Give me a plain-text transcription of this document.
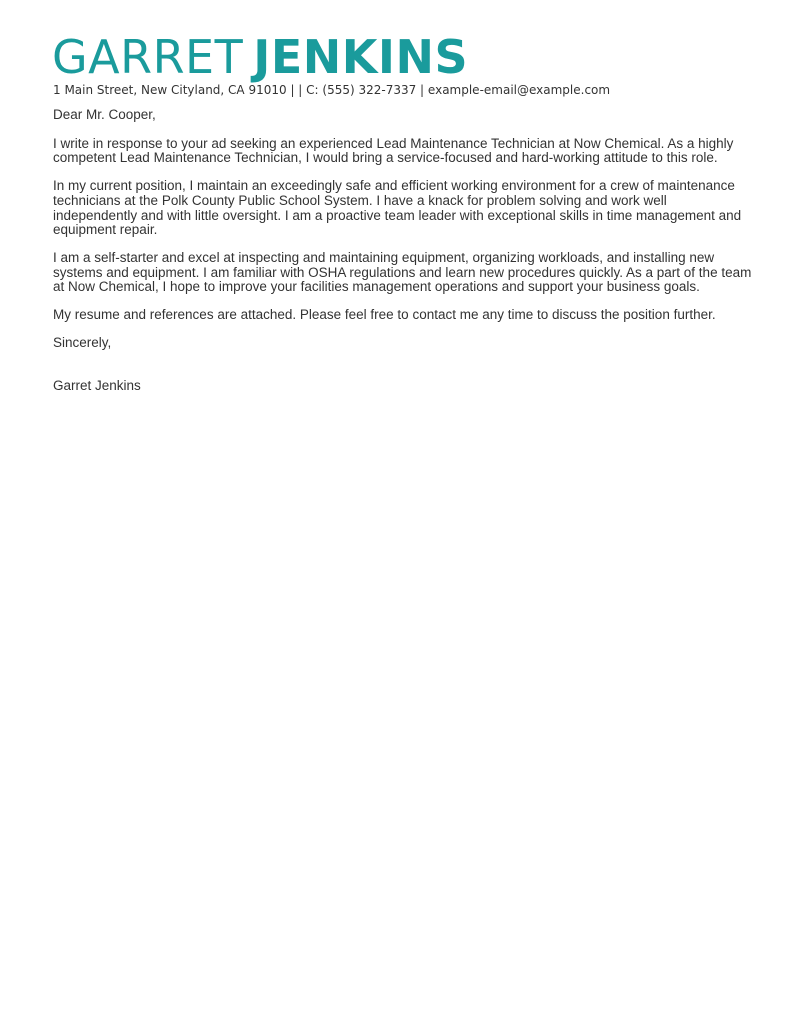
GARRET JENKINS
1 Main Street, New Cityland, CA 91010 | | C: (555) 322-7337 | example-email@example.com

Dear Mr. Cooper,

I write in response to your ad seeking an experienced Lead Maintenance Technician at Now Chemical. As a highly competent Lead Maintenance Technician, I would bring a service-focused and hard-working attitude to this role.

In my current position, I maintain an exceedingly safe and efficient working environment for a crew of maintenance technicians at the Polk County Public School System. I have a knack for problem solving and work well independently and with little oversight. I am a proactive team leader with exceptional skills in time management and equipment repair.

I am a self-starter and excel at inspecting and maintaining equipment, organizing workloads, and installing new systems and equipment. I am familiar with OSHA regulations and learn new procedures quickly. As a part of the team at Now Chemical, I hope to improve your facilities management operations and support your business goals.

My resume and references are attached. Please feel free to contact me any time to discuss the position further.

Sincerely,

Garret Jenkins
